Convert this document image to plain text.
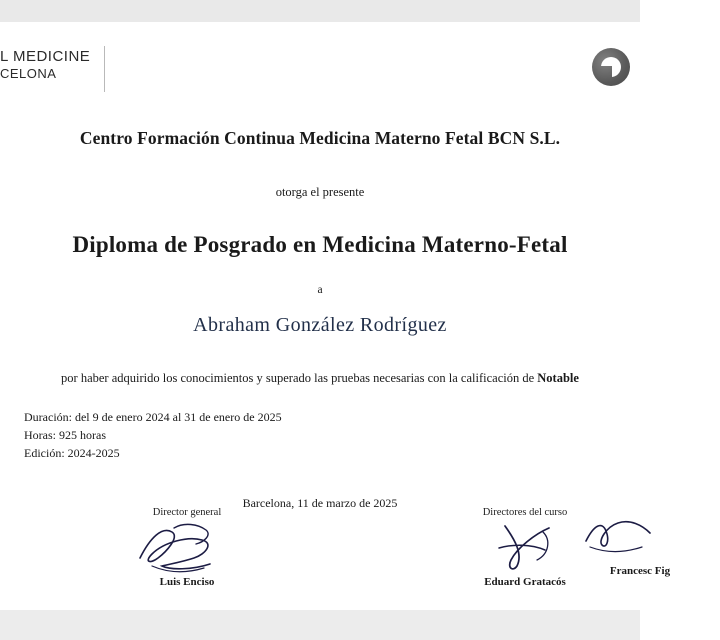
L MEDICINE
CELONA
Centro Formación Continua Medicina Materno Fetal BCN S.L.
otorga el presente
Diploma de Posgrado en Medicina Materno-Fetal
a
Abraham González Rodríguez
por haber adquirido los conocimientos y superado las pruebas necesarias con la calificación de Notable
Duración: del 9 de enero 2024 al 31 de enero de 2025
Horas: 925 horas
Edición: 2024-2025
Barcelona, 11 de marzo de 2025
Director general
Luis Enciso
Directores del curso
Eduard Gratacós
Francesc Fig
